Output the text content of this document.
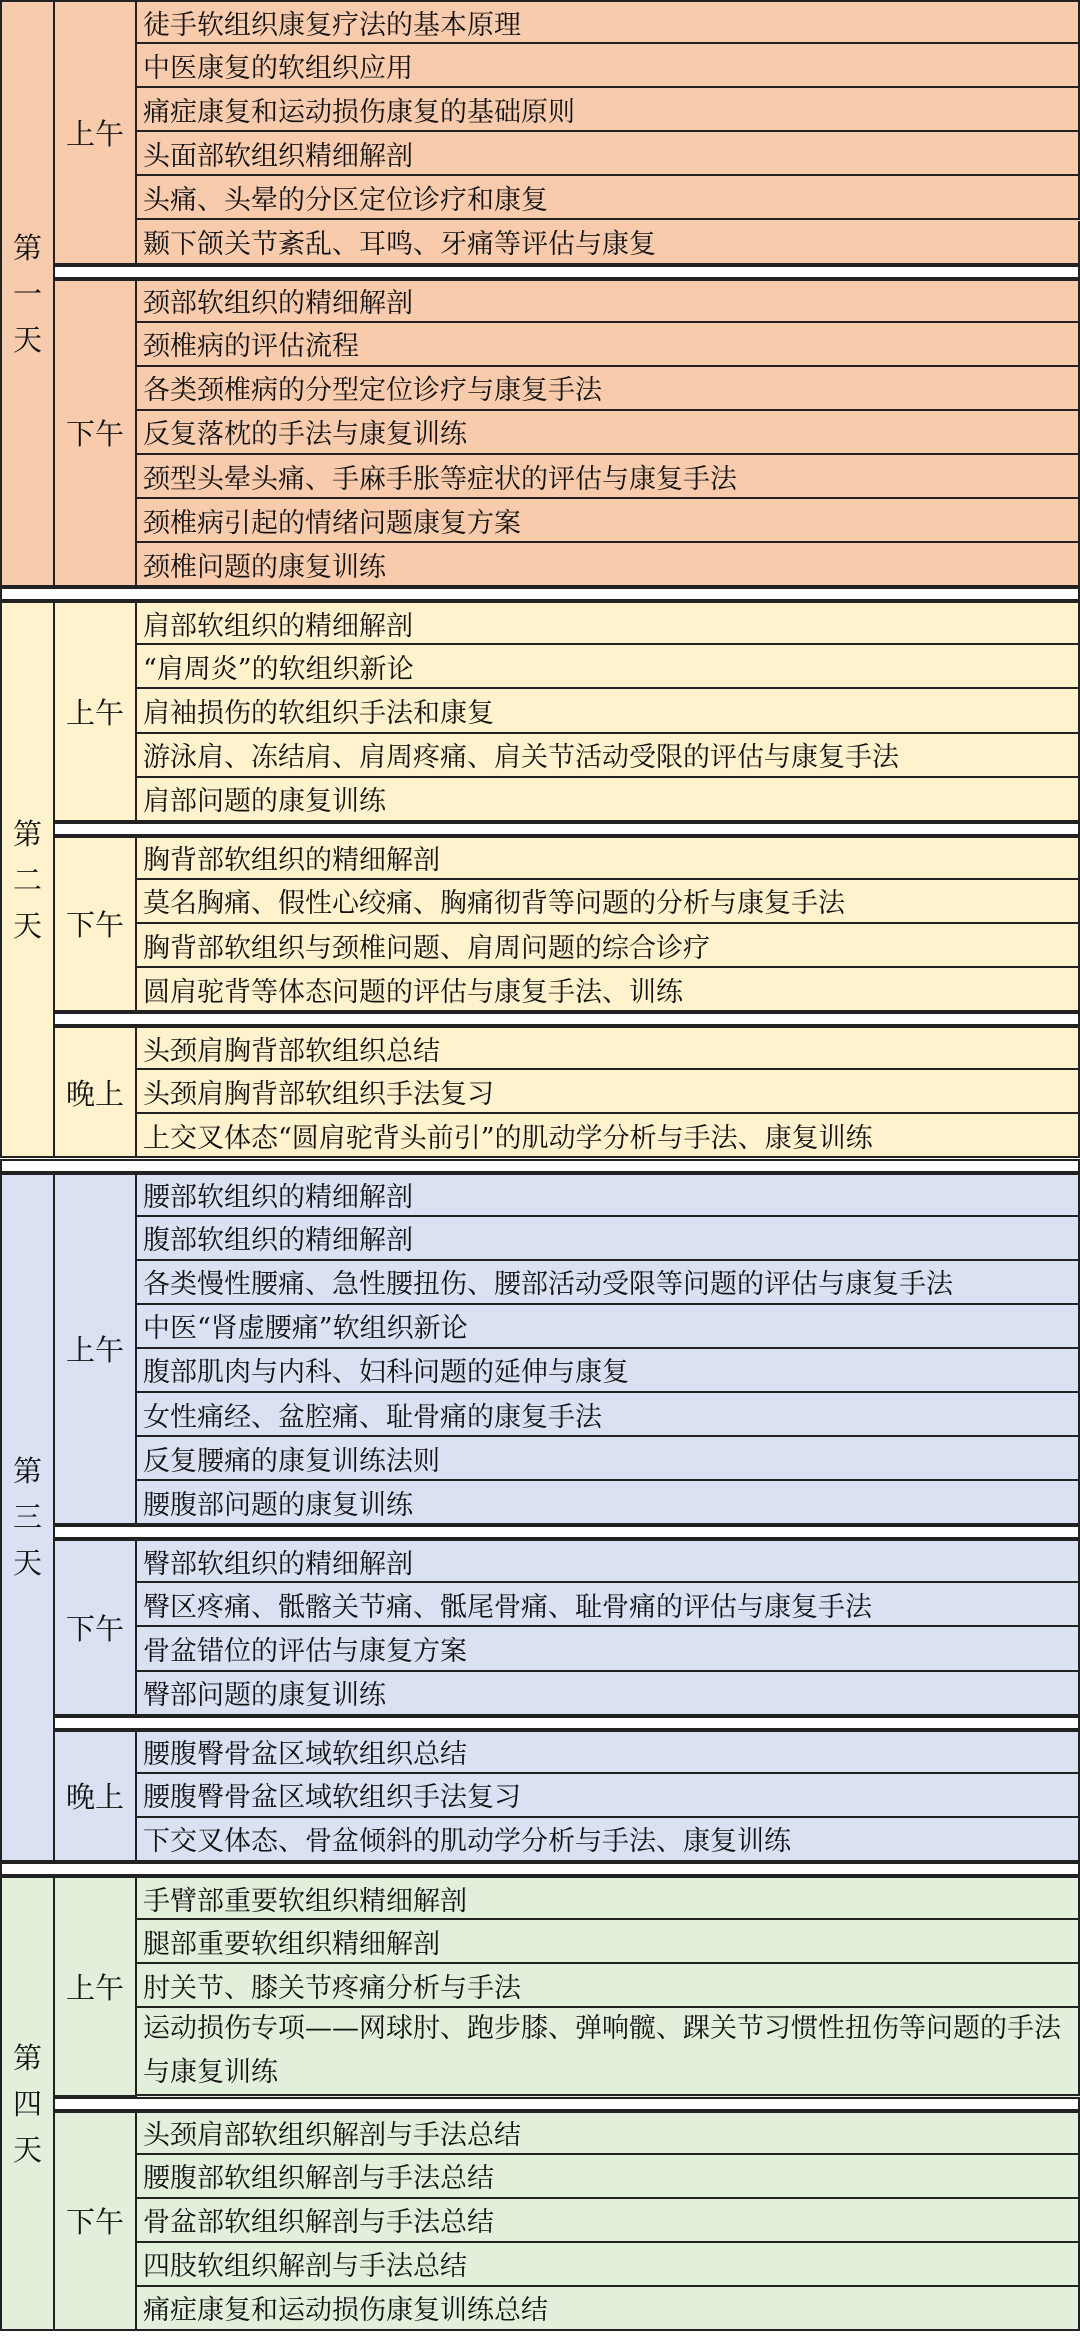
上午
徒手软组织康复疗法的基本原理
中医康复的软组织应用
痛症康复和运动损伤康复的基础原则
头面部软组织精细解剖
头痛、头晕的分区定位诊疗和康复
颞下颌关节紊乱、耳鸣、牙痛等评估与康复
下午
颈部软组织的精细解剖
颈椎病的评估流程
各类颈椎病的分型定位诊疗与康复手法
反复落枕的手法与康复训练
颈型头晕头痛、手麻手胀等症状的评估与康复手法
颈椎病引起的情绪问题康复方案
颈椎问题的康复训练
第
一
天
上午
肩部软组织的精细解剖
“肩周炎”的软组织新论
肩袖损伤的软组织手法和康复
游泳肩、冻结肩、肩周疼痛、肩关节活动受限的评估与康复手法
肩部问题的康复训练
下午
胸背部软组织的精细解剖
莫名胸痛、假性心绞痛、胸痛彻背等问题的分析与康复手法
胸背部软组织与颈椎问题、肩周问题的综合诊疗
圆肩驼背等体态问题的评估与康复手法、训练
晚上
头颈肩胸背部软组织总结
头颈肩胸背部软组织手法复习
上交叉体态“圆肩驼背头前引”的肌动学分析与手法、康复训练
第
二
天
上午
腰部软组织的精细解剖
腹部软组织的精细解剖
各类慢性腰痛、急性腰扭伤、腰部活动受限等问题的评估与康复手法
中医“肾虚腰痛”软组织新论
腹部肌肉与内科、妇科问题的延伸与康复
女性痛经、盆腔痛、耻骨痛的康复手法
反复腰痛的康复训练法则
腰腹部问题的康复训练
下午
臀部软组织的精细解剖
臀区疼痛、骶髂关节痛、骶尾骨痛、耻骨痛的评估与康复手法
骨盆错位的评估与康复方案
臀部问题的康复训练
晚上
腰腹臀骨盆区域软组织总结
腰腹臀骨盆区域软组织手法复习
下交叉体态、骨盆倾斜的肌动学分析与手法、康复训练
第
三
天
上午
手臂部重要软组织精细解剖
腿部重要软组织精细解剖
肘关节、膝关节疼痛分析与手法
运动损伤专项——网球肘、跑步膝、弹响髋、踝关节习惯性扭伤等问题的手法与康复训练
下午
头颈肩部软组织解剖与手法总结
腰腹部软组织解剖与手法总结
骨盆部软组织解剖与手法总结
四肢软组织解剖与手法总结
痛症康复和运动损伤康复训练总结
第
四
天
